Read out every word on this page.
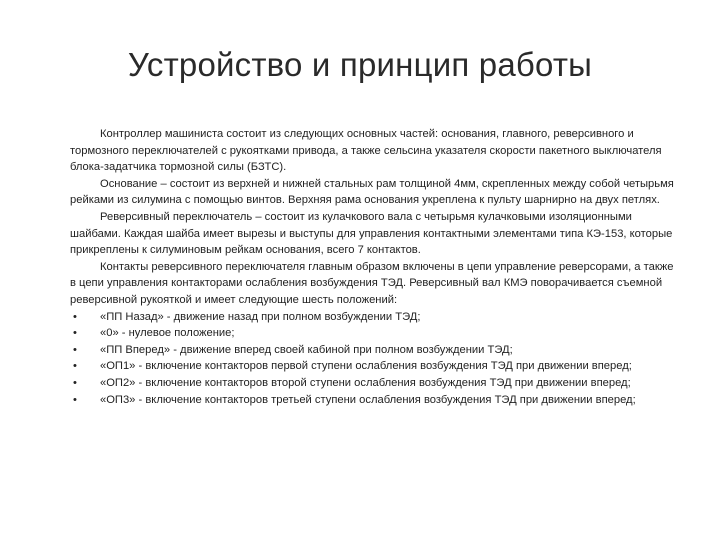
Устройство и принцип работы

Контроллер машиниста состоит из следующих основных частей: основания, главного, реверсивного и тормозного переключателей с рукоятками привода, а также сельсина указателя скорости пакетного выключателя блока-задатчика тормозной силы (БЗТС).

Основание – состоит из верхней и нижней стальных рам толщиной 4мм, скрепленных между собой четырьмя рейками из силумина с помощью винтов. Верхняя рама основания укреплена к пульту шарнирно на двух петлях.

Реверсивный переключатель – состоит из кулачкового вала с четырьмя кулачковыми изоляционными шайбами. Каждая шайба имеет вырезы и выступы для управления контактными элементами типа КЭ-153, которые прикреплены к силуминовым рейкам основания, всего 7 контактов.

Контакты реверсивного переключателя главным образом включены в цепи управление реверсорами, а также в цепи управления контакторами ослабления возбуждения ТЭД. Реверсивный вал КМЭ поворачивается съемной реверсивной рукояткой и имеет следующие шесть положений:

• «ПП Назад» - движение назад при полном возбуждении ТЭД;
• «0» - нулевое положение;
• «ПП Вперед» - движение вперед своей кабиной при полном возбуждении ТЭД;
• «ОП1» - включение контакторов первой ступени ослабления возбуждения ТЭД при движении вперед;
• «ОП2» - включение контакторов второй ступени ослабления возбуждения ТЭД при движении вперед;
• «ОП3» - включение контакторов третьей ступени ослабления возбуждения ТЭД при движении вперед;
